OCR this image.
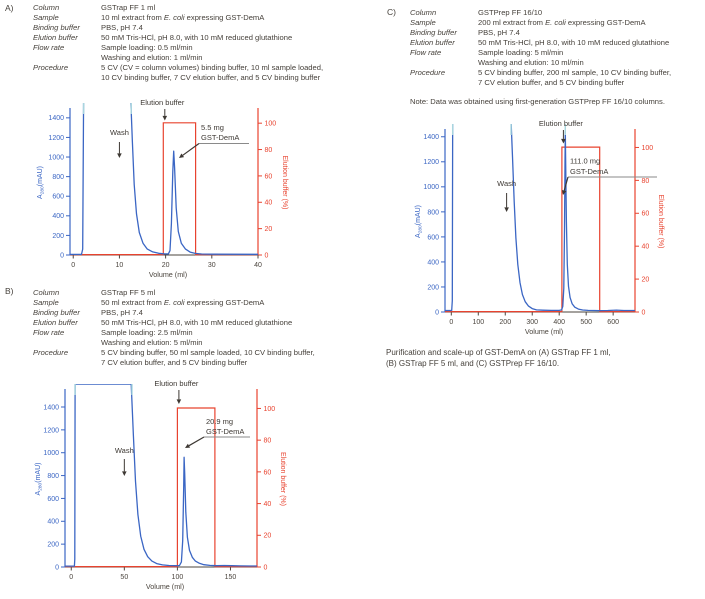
A)	Column	GSTrap FF 1 ml
Sample	10 ml extract from E. coli expressing GST-DemA
Binding buffer	PBS, pH 7.4
Elution buffer	50 mM Tris-HCl, pH 8.0, with 10 mM reduced glutathione
Flow rate	Sample loading: 0.5 ml/min
Washing and elution: 1 ml/min
Procedure	5 CV (CV = column volumes) binding buffer, 10 ml sample loaded,
10 CV binding buffer, 7 CV elution buffer, and 5 CV binding buffer
0
200
400
600
800
1000
1200
1400
0
20
40
60
80
100
0	10	20	30	40
Volume (ml)
$A_{280}(mAU)$	Elution buffer (%)
Wash
Elution buffer
5.5 mg
GST-DemA
B)	Column	GSTrap FF 5 ml
Sample	50 ml extract from E. coli expressing GST-DemA
Binding buffer	PBS, pH 7.4
Elution buffer	50 mM Tris-HCl, pH 8.0, with 10 mM reduced glutathione
Flow rate	Sample loading: 2.5 ml/min
Washing and elution: 5 ml/min
Procedure	5 CV binding buffer, 50 ml sample loaded, 10 CV binding buffer,
7 CV elution buffer, and 5 CV binding buffer
0
200
400
600
800
1000
1200
1400
0
20
40
60
80
100
0	50	100	150
Volume (ml)
$A_{280}(mAU)$	Elution buffer (%)
Wash
Elution buffer
20.9 mg
GST-DemA
C) Column	GSTPrep FF 16/10
Sample	200 ml extract from E. coli expressing GST-DemA
Binding buffer	PBS, pH 7.4
Elution buffer	50 mM Tris-HCl, pH 8.0, with 10 mM reduced glutathione
Flow rate	Sample loading: 5 ml/min
Washing and elution: 10 ml/min
Procedure	5 CV binding buffer, 200 ml sample, 10 CV binding buffer,
7 CV elution buffer, and 5 CV binding buffer

Note: Data was obtained using first-generation GSTPrep FF 16/10 columns.

0
200
400
600
800
1000
1200
1400
0
20
40
60
80
100
0	100 200 300 400 500 600
Volume (ml)
$A_{280}(mAU)$	Elution buffer (%)
Wash
Elution buffer
111.0 mg
GST-DemA

Purification and scale-up of GST-DemA on (A) GSTrap FF 1 ml,
(B) GSTrap FF 5 ml, and (C) GSTPrep FF 16/10.
